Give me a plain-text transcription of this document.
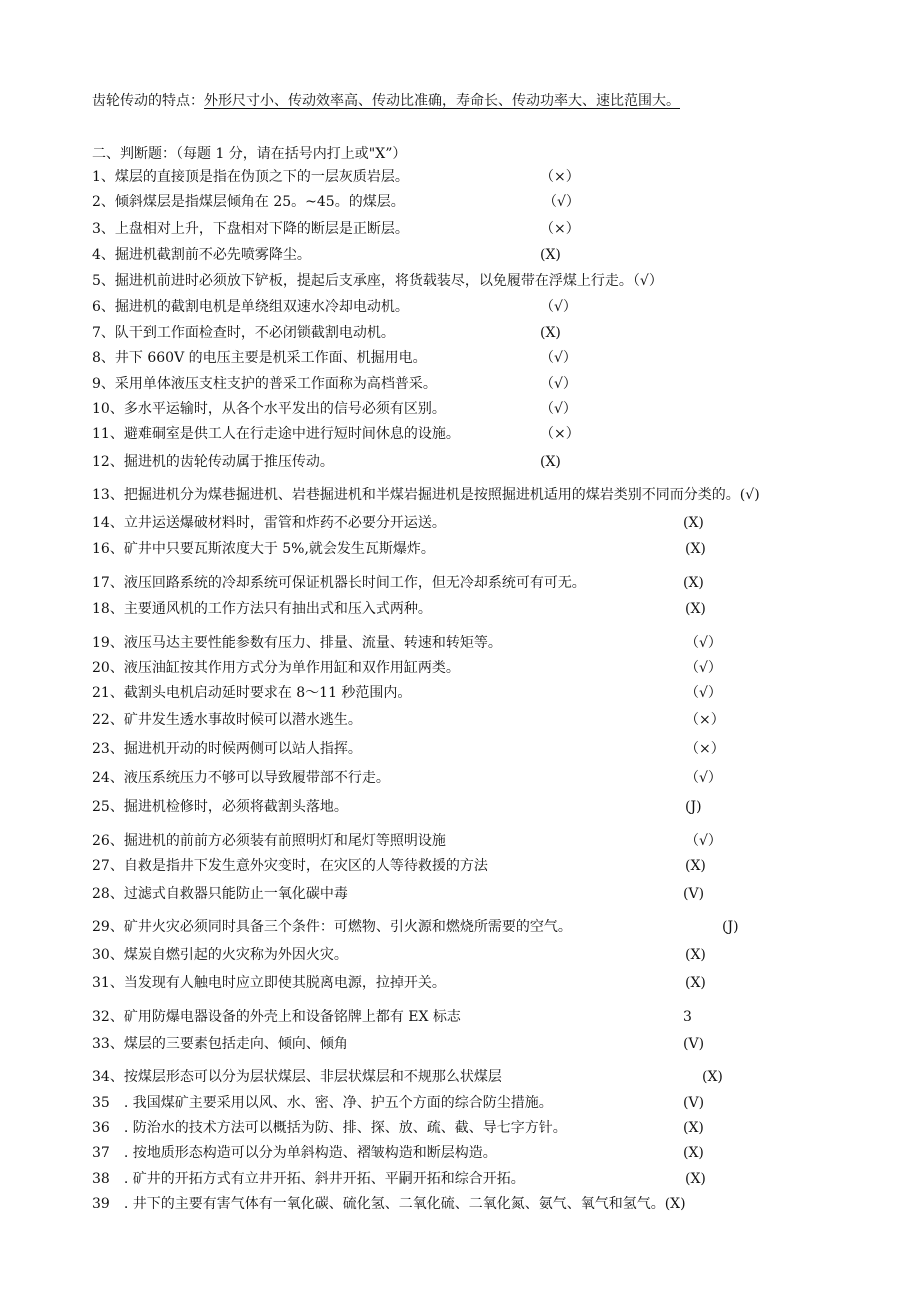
齿轮传动的特点：外形尺寸小、传动效率高、传动比准确，寿命长、传动功率大、速比范围大。
二、判断题：（每题 1 分，请在括号内打上或"X”）
1、煤层的直接顶是指在伪顶之下的一层灰质岩层。	（×）
2、倾斜煤层是指煤层倾角在 25。~45。的煤层。	（√）
3、上盘相对上升，下盘相对下降的断层是正断层。	（×）
4、掘进机截割前不必先喷雾降尘。	(X)
5、掘进机前进时必须放下铲板，提起后支承座，将货载装尽，以免履带在浮煤上行走。（√）
6、掘进机的截割电机是单绕组双速水冷却电动机。	（√）
7、队干到工作面检查时，不必闭锁截割电动机。	(X)
8、井下 660V 的电压主要是机采工作面、机掘用电。	（√）
9、采用单体液压支柱支护的普采工作面称为高档普采。	（√）
10、多水平运输时，从各个水平发出的信号必须有区别。	（√）
11、避难硐室是供工人在行走途中进行短时间休息的设施。	（×）
12、掘进机的齿轮传动属于推压传动。	(X)
13、把掘进机分为煤巷掘进机、岩巷掘进机和半煤岩掘进机是按照掘进机适用的煤岩类别不同而分类的。(√)
14、立井运送爆破材料时，雷管和炸药不必要分开运送。	(X)
16、矿井中只要瓦斯浓度大于 5%,就会发生瓦斯爆炸。	(X)
17、液压回路系统的冷却系统可保证机器长时间工作，但无冷却系统可有可无。	(X)
18、主要通风机的工作方法只有抽出式和压入式两种。	(X)
19、液压马达主要性能参数有压力、排量、流量、转速和转矩等。	（√）
20、液压油缸按其作用方式分为单作用缸和双作用缸两类。	（√）
21、截割头电机启动延时要求在 8～11 秒范围内。	（√）
22、矿井发生透水事故时候可以潜水逃生。	（×）
23、掘进机开动的时候两侧可以站人指挥。	（×）
24、液压系统压力不够可以导致履带部不行走。	（√）
25、掘进机检修时，必须将截割头落地。	(J)
26、掘进机的前前方必须装有前照明灯和尾灯等照明设施	（√）
27、自救是指井下发生意外灾变时，在灾区的人等待救援的方法	(X)
28、过滤式自救器只能防止一氧化碳中毒	(V)
29、矿井火灾必须同时具备三个条件：可燃物、引火源和燃烧所需要的空气。	(J)
30、煤炭自燃引起的火灾称为外因火灾。	(X)
31、当发现有人触电时应立即使其脱离电源，拉掉开关。	(X)
32、矿用防爆电器设备的外壳上和设备铭牌上都有 EX 标志	3
33、煤层的三要素包括走向、倾向、倾角	(V)
34、按煤层形态可以分为层状煤层、非层状煤层和不规那么状煤层	(X)
35　. 我国煤矿主要采用以风、水、密、净、护五个方面的综合防尘措施。	(V)
36　. 防治水的技术方法可以概括为防、排、探、放、疏、截、导七字方针。	(X)
37　. 按地质形态构造可以分为单斜构造、褶皱构造和断层构造。	(X)
38　. 矿井的开拓方式有立井开拓、斜井开拓、平嗣开拓和综合开拓。	(X)
39　. 井下的主要有害气体有一氧化碳、硫化氢、二氧化硫、二氧化氮、氨气、氧气和氢气。(X)
